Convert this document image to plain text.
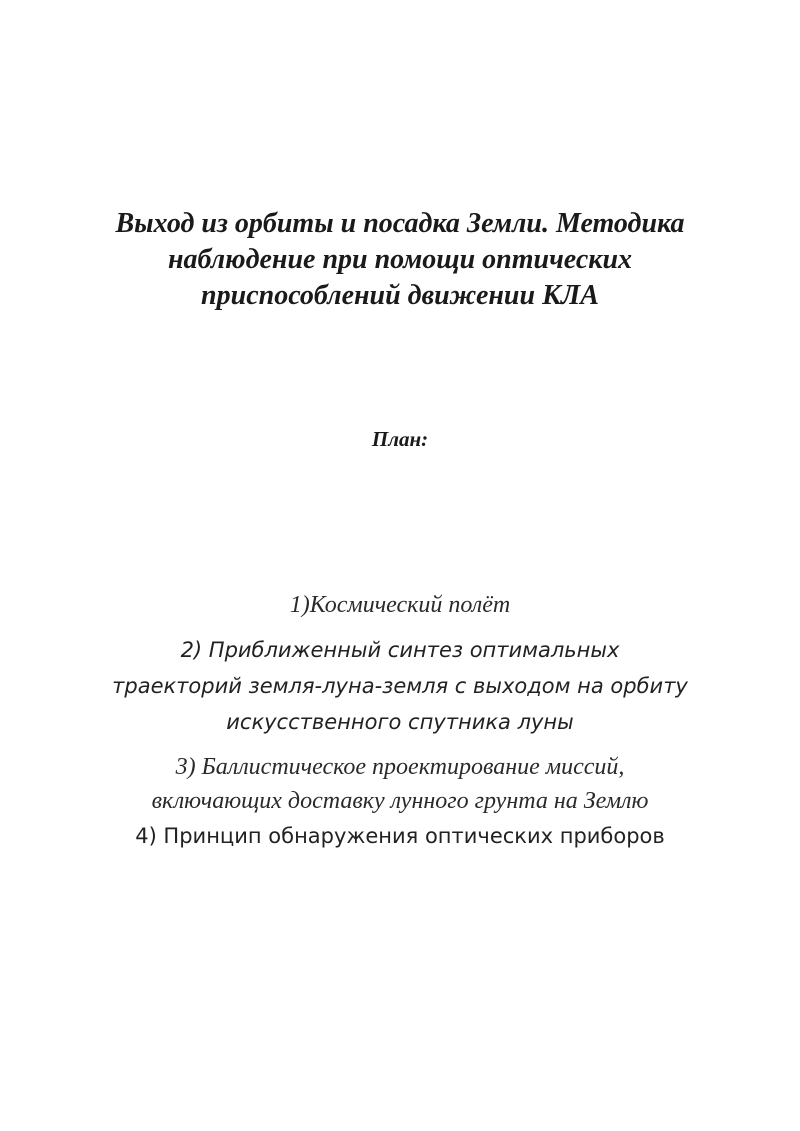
Выход из орбиты и посадка Земли. Методика
наблюдение при помощи оптических
приспособлений движении КЛА
План:
1)Космический полёт
2) Приближенный синтез оптимальных
траекторий земля-луна-земля с выходом на орбиту
искусственного спутника луны
3) Баллистическое проектирование миссий,
включающих доставку лунного грунта на Землю
4) Принцип обнаружения оптических приборов
